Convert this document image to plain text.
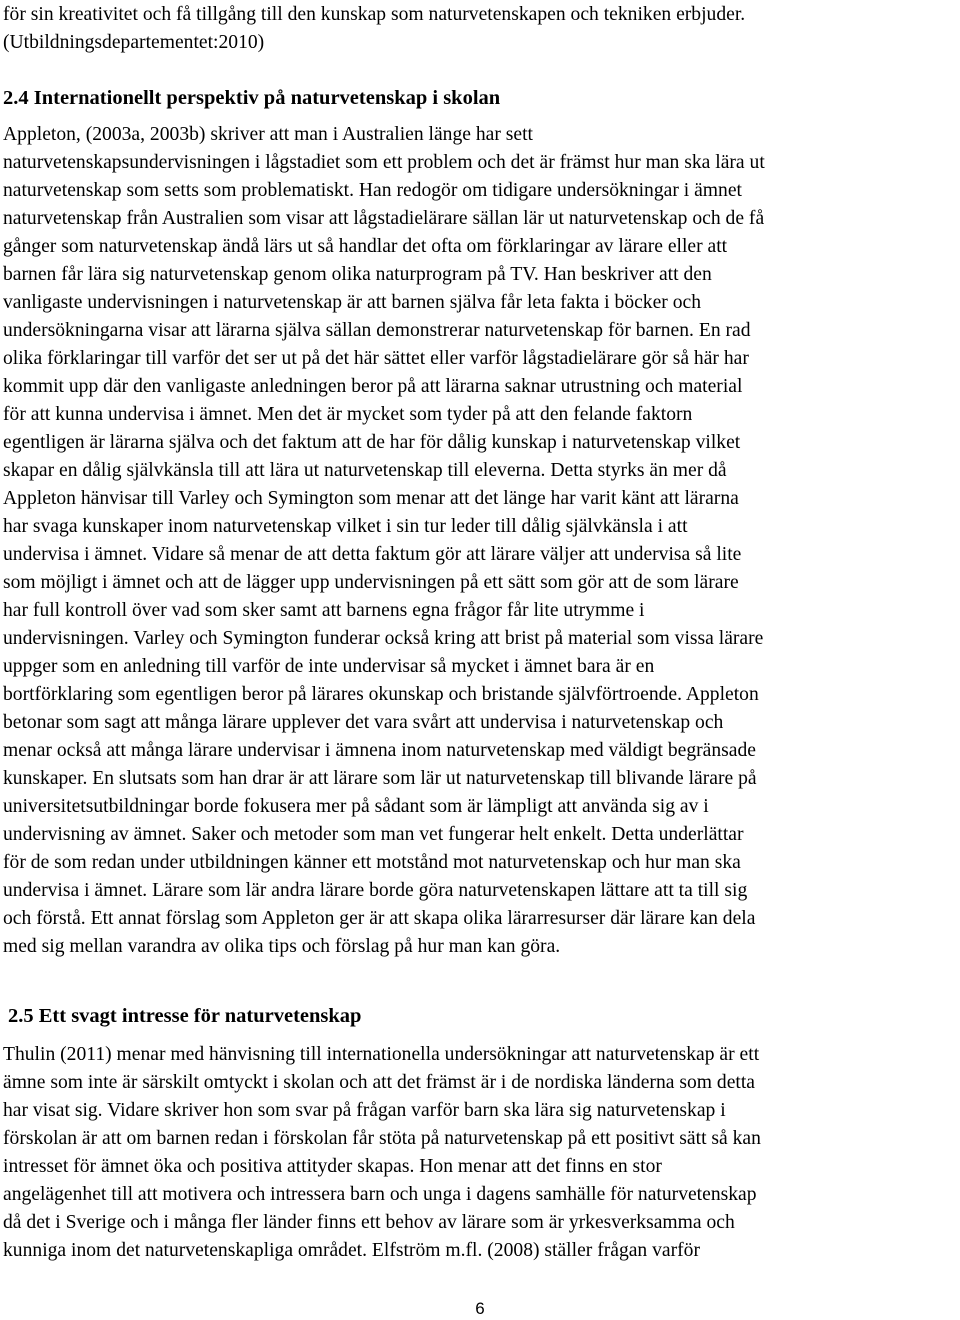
för sin kreativitet och få tillgång till den kunskap som naturvetenskapen och tekniken erbjuder.

(Utbildningsdepartementet:2010)

2.4 Internationellt perspektiv på naturvetenskap i skolan

Appleton, (2003a, 2003b) skriver att man i Australien länge har sett

naturvetenskapsundervisningen i lågstadiet som ett problem och det är främst hur man ska lära ut

naturvetenskap som setts som problematiskt. Han redogör om tidigare undersökningar i ämnet

naturvetenskap från Australien som visar att lågstadielärare sällan lär ut naturvetenskap och de få

gånger som naturvetenskap ändå lärs ut så handlar det ofta om förklaringar av lärare eller att

barnen får lära sig naturvetenskap genom olika naturprogram på TV. Han beskriver att den

vanligaste undervisningen i naturvetenskap är att barnen själva får leta fakta i böcker och

undersökningarna visar att lärarna själva sällan demonstrerar naturvetenskap för barnen. En rad

olika förklaringar till varför det ser ut på det här sättet eller varför lågstadielärare gör så här har

kommit upp där den vanligaste anledningen beror på att lärarna saknar utrustning och material

för att kunna undervisa i ämnet. Men det är mycket som tyder på att den felande faktorn

egentligen är lärarna själva och det faktum att de har för dålig kunskap i naturvetenskap vilket

skapar en dålig självkänsla till att lära ut naturvetenskap till eleverna. Detta styrks än mer då

Appleton hänvisar till Varley och Symington som menar att det länge har varit känt att lärarna

har svaga kunskaper inom naturvetenskap vilket i sin tur leder till dålig självkänsla i att

undervisa i ämnet. Vidare så menar de att detta faktum gör att lärare väljer att undervisa så lite

som möjligt i ämnet och att de lägger upp undervisningen på ett sätt som gör att de som lärare

har full kontroll över vad som sker samt att barnens egna frågor får lite utrymme i

undervisningen. Varley och Symington funderar också kring att brist på material som vissa lärare

uppger som en anledning till varför de inte undervisar så mycket i ämnet bara är en

bortförklaring som egentligen beror på lärares okunskap och bristande självförtroende. Appleton

betonar som sagt att många lärare upplever det vara svårt att undervisa i naturvetenskap och

menar också att många lärare undervisar i ämnena inom naturvetenskap med väldigt begränsade

kunskaper. En slutsats som han drar är att lärare som lär ut naturvetenskap till blivande lärare på

universitetsutbildningar borde fokusera mer på sådant som är lämpligt att använda sig av i

undervisning av ämnet. Saker och metoder som man vet fungerar helt enkelt. Detta underlättar

för de som redan under utbildningen känner ett motstånd mot naturvetenskap och hur man ska

undervisa i ämnet. Lärare som lär andra lärare borde göra naturvetenskapen lättare att ta till sig

och förstå. Ett annat förslag som Appleton ger är att skapa olika lärarresurser där lärare kan dela

med sig mellan varandra av olika tips och förslag på hur man kan göra.

2.5 Ett svagt intresse för naturvetenskap

Thulin (2011) menar med hänvisning till internationella undersökningar att naturvetenskap är ett

ämne som inte är särskilt omtyckt i skolan och att det främst är i de nordiska länderna som detta

har visat sig. Vidare skriver hon som svar på frågan varför barn ska lära sig naturvetenskap i

förskolan är att om barnen redan i förskolan får stöta på naturvetenskap på ett positivt sätt så kan

intresset för ämnet öka och positiva attityder skapas. Hon menar att det finns en stor

angelägenhet till att motivera och intressera barn och unga i dagens samhälle för naturvetenskap

då det i Sverige och i många fler länder finns ett behov av lärare som är yrkesverksamma och

kunniga inom det naturvetenskapliga området. Elfström m.fl. (2008) ställer frågan varför

6
